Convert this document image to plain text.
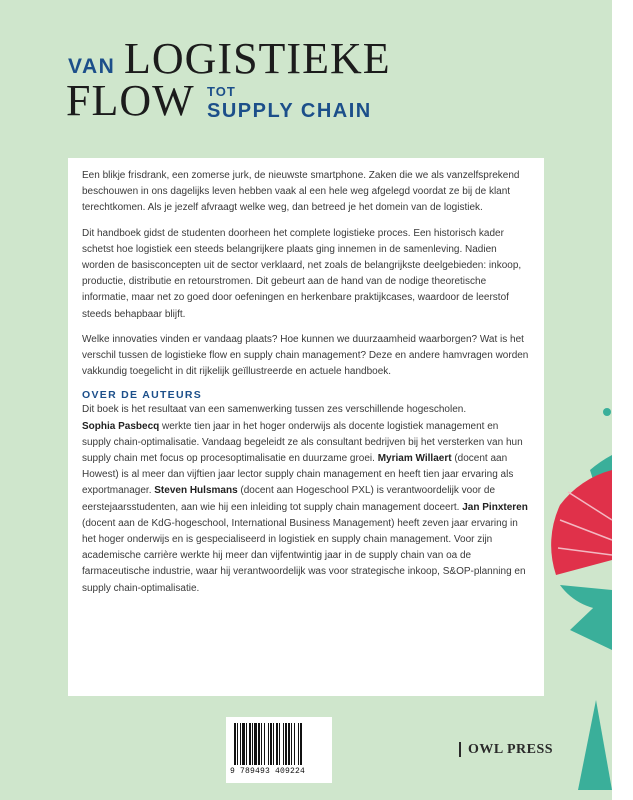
VAN LOGISTIEKE
FLOW TOT
SUPPLY CHAIN

Een blikje frisdrank, een zomerse jurk, de nieuwste smartphone. Zaken die we als vanzelfsprekend beschouwen in ons dagelijks leven hebben vaak al een hele weg afgelegd voordat ze bij de klant terechtkomen. Als je jezelf afvraagt welke weg, dan betreed je het domein van de logistiek.

Dit handboek gidst de studenten doorheen het complete logistieke proces. Een historisch kader schetst hoe logistiek een steeds belangrijkere plaats ging innemen in de samenleving. Nadien worden de basisconcepten uit de sector verklaard, net zoals de belangrijkste deelgebieden: inkoop, productie, distributie en retourstromen. Dit gebeurt aan de hand van de nodige theoretische informatie, maar net zo goed door oefeningen en herkenbare praktijkcases, waardoor de leerstof steeds behapbaar blijft.

Welke innovaties vinden er vandaag plaats? Hoe kunnen we duurzaamheid waarborgen? Wat is het verschil tussen de logistieke flow en supply chain management? Deze en andere hamvragen worden vakkundig toegelicht in dit rijkelijk geïllustreerde en actuele handboek.

OVER DE AUTEURS

Dit boek is het resultaat van een samenwerking tussen zes verschillende hogescholen.

Sophia Pasbecq werkte tien jaar in het hoger onderwijs als docente logistiek management en supply chain-optimalisatie. Vandaag begeleidt ze als consultant bedrijven bij het versterken van hun supply chain met focus op procesoptimalisatie en duurzame groei. Myriam Willaert (docent aan Howest) is al meer dan vijftien jaar lector supply chain management en heeft tien jaar ervaring als exportmanager. Steven Hulsmans (docent aan Hogeschool PXL) is verantwoordelijk voor de eerstejaarsstudenten, aan wie hij een inleiding tot supply chain management doceert. Jan Pinxteren (docent aan de KdG-hogeschool, International Business Management) heeft zeven jaar ervaring in het hoger onderwijs en is gespecialiseerd in logistiek en supply chain management. Voor zijn academische carrière werkte hij meer dan vijfentwintig jaar in de supply chain van oa de farmaceutische industrie, waar hij verantwoordelijk was voor strategische inkoop, S&OP-planning en supply chain-optimalisatie.

9 789493 409224
OWL PRESS
